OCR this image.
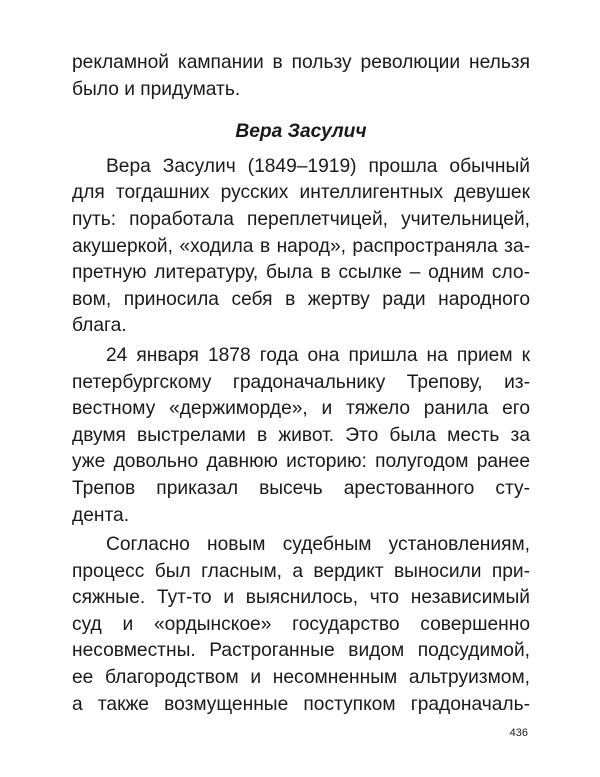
рекламной кампании в пользу революции нельзя
было и придумать.
Вера Засулич
Вера Засулич (1849–1919) прошла обычный
для тогдашних русских интеллигентных девушек
путь: поработала переплетчицей, учительницей,
акушеркой, «ходила в народ», распространяла за-
претную литературу, была в ссылке – одним сло-
вом, приносила себя в жертву ради народного
блага.
24 января 1878 года она пришла на прием к
петербургскому градоначальнику Трепову, из-
вестному «держиморде», и тяжело ранила его
двумя выстрелами в живот. Это была месть за
уже довольно давнюю историю: полугодом ранее
Трепов приказал высечь арестованного сту-
дента.
Согласно новым судебным установлениям,
процесс был гласным, а вердикт выносили при-
сяжные. Тут-то и выяснилось, что независимый
суд и «ордынское» государство совершенно
несовместны. Растроганные видом подсудимой,
ее благородством и несомненным альтруизмом,
а также возмущенные поступком градоначаль-
436
